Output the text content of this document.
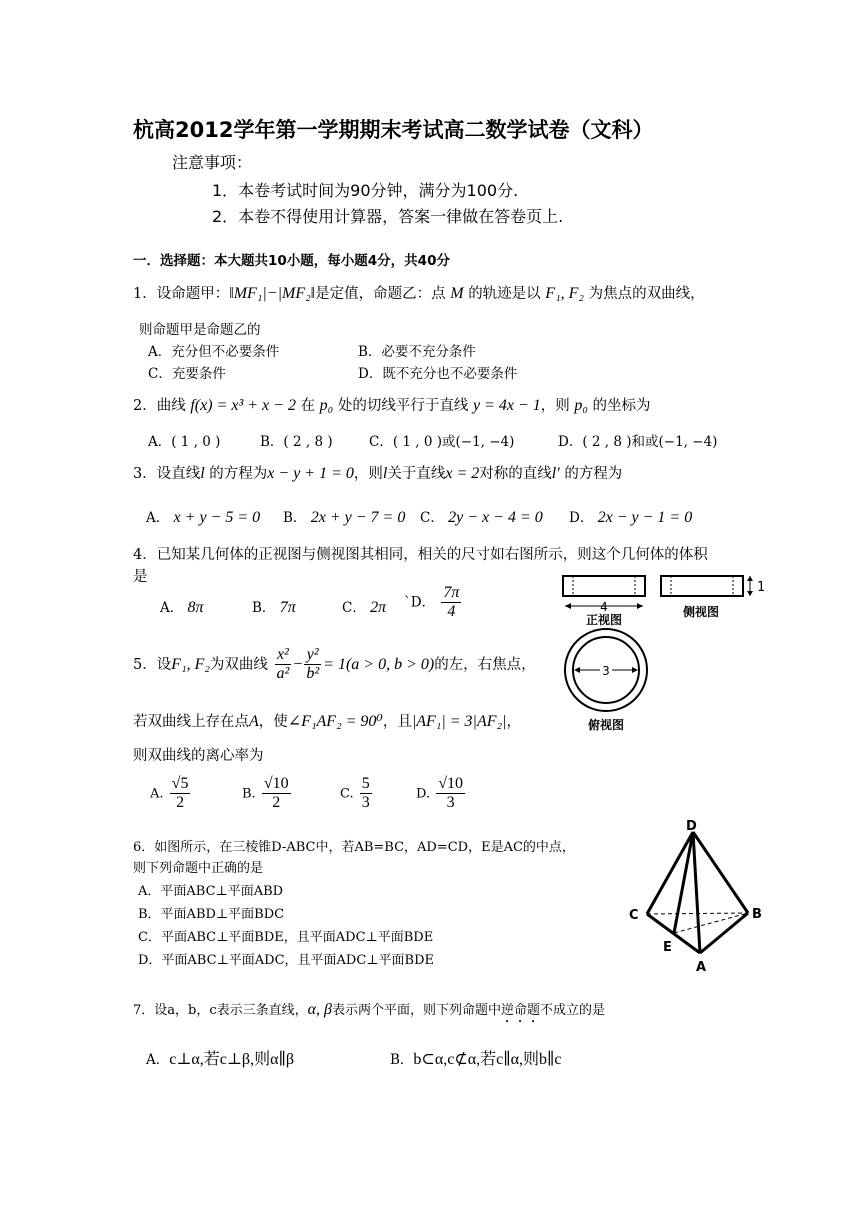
杭高2012学年第一学期期末考试高二数学试卷（文科）
注意事项：
1．本卷考试时间为90分钟，满分为100分.
2．本卷不得使用计算器，答案一律做在答卷页上.
一．选择题：本大题共10小题，每小题4分，共40分
1．设命题甲：‖MF₁|−|MF₂‖是定值，命题乙：点 M 的轨迹是以 F₁, F₂ 为焦点的双曲线，
则命题甲是命题乙的
A．充分但不必要条件	B．必要不充分条件
C．充要条件	D．既不充分也不必要条件
2．曲线 f(x) = x³ + x − 2 在 p₀ 处的切线平行于直线 y = 4x − 1，则 p₀ 的坐标为
A．( 1 , 0 )	B．( 2 , 8 )	C．( 1 , 0 )或(−1, −4)	D．( 2 , 8 )和或(−1, −4)
3．设直线l 的方程为x − y + 1 = 0，则l关于直线x = 2对称的直线l′ 的方程为
A． x + y − 5 = 0 B． 2x + y − 7 = 0 C． 2y − x − 4 = 0 D． 2x − y − 1 = 0
4．已知某几何体的正视图与侧视图其相同，相关的尺寸如右图所示，则这个几何体的体积
是
A． 8π	B． 7π	C． 2π `D． $\frac{7\pi}{4}$	4
正视图
1
侧视图
3
俯视图
5．设F₁, F₂为双曲线 $\frac{\text{x²}}{\text{a²}} - \frac{\text{y²}}{\text{b²}} = 1(a > 0$, b > 0)的左，右焦点，
若双曲线上存在点A，使∠F₁AF₂ = 90⁰，且|AF₁| = 3|AF₂|，
则双曲线的离心率为
A. $\frac{√5}{2}$	B. $\frac{√10}{2}$	C. $\frac{5}{3}$	D. $\frac{√10}{3}$
6．如图所示，在三棱锥D-ABC中，若AB=BC，AD=CD，E是AC的中点，
则下列命题中正确的是
A．平面ABC⊥平面ABD
B．平面ABD⊥平面BDC
C．平面ABC⊥平面BDE，且平面ADC⊥平面BDE
D．平面ABC⊥平面ADC，且平面ADC⊥平面BDE
D
C	B
E
A
7．设a，b，c表示三条直线，α, β表示两个平面，则下列命题中逆命题不成立的是
A．c⊥α,若c⊥β,则α∥β	B．b⊂α,c⊄α,若c∥α,则b∥c
